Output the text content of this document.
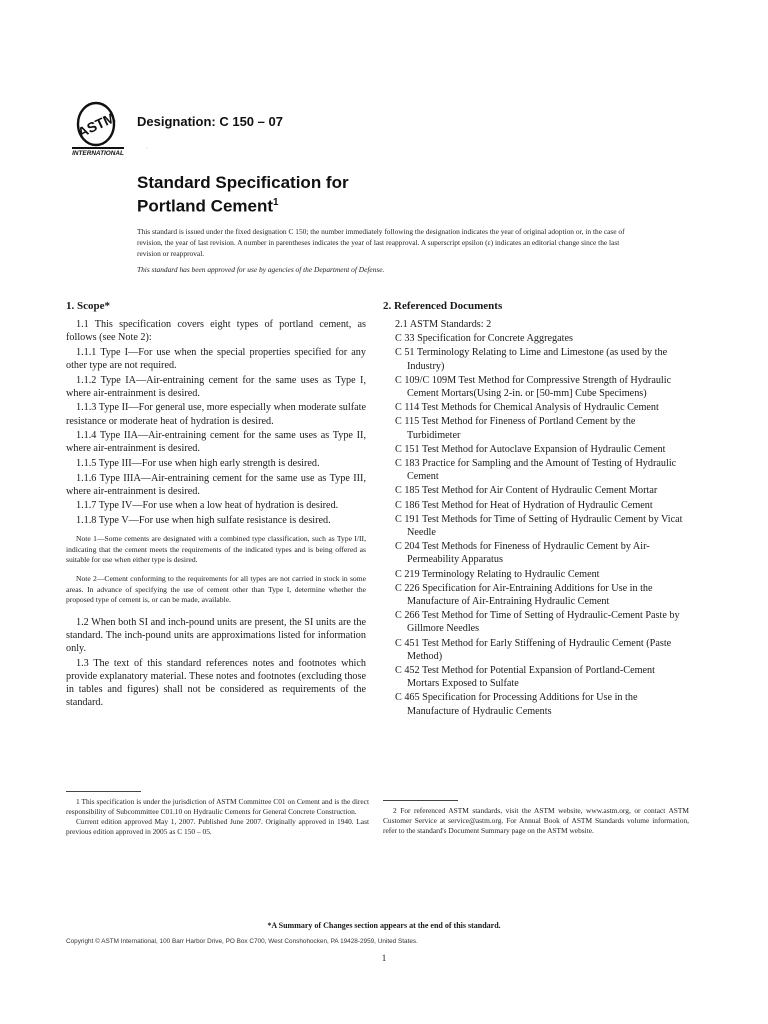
ASTM
INTERNATIONAL
·
Designation: C 150 – 07
Standard Specification for
Portland Cement$^1$
This standard is issued under the fixed designation C 150; the number immediately following the designation indicates the year of original adoption or, in the case of revision, the year of last revision. A number in parentheses indicates the year of last reapproval. A superscript epsilon (ε) indicates an editorial change since the last revision or reapproval.
This standard has been approved for use by agencies of the Department of Defense.
1. Scope*

1.1 This specification covers eight types of portland cement, as follows (see Note 2):

1.1.1 Type I—For use when the special properties specified for any other type are not required.

1.1.2 Type IA—Air-entraining cement for the same uses as Type I, where air-entrainment is desired.

1.1.3 Type II—For general use, more especially when moderate sulfate resistance or moderate heat of hydration is desired.

1.1.4 Type IIA—Air-entraining cement for the same uses as Type II, where air-entrainment is desired.

1.1.5 Type III—For use when high early strength is desired.

1.1.6 Type IIIA—Air-entraining cement for the same use as Type III, where air-entrainment is desired.

1.1.7 Type IV—For use when a low heat of hydration is desired.

1.1.8 Type V—For use when high sulfate resistance is desired.

Note 1—Some cements are designated with a combined type classification, such as Type I/II, indicating that the cement meets the requirements of the indicated types and is being offered as suitable for use when either type is desired.

Note 2—Cement conforming to the requirements for all types are not carried in stock in some areas. In advance of specifying the use of cement other than Type I, determine whether the proposed type of cement is, or can be made, available.

1.2 When both SI and inch-pound units are present, the SI units are the standard. The inch-pound units are approximations listed for information only.

1.3 The text of this standard references notes and footnotes which provide explanatory material. These notes and footnotes (excluding those in tables and figures) shall not be considered as requirements of the standard.

2. Referenced Documents

2.1 ASTM Standards: 2

C 33 Specification for Concrete Aggregates

C 51 Terminology Relating to Lime and Limestone (as used by the Industry)

C 109/C 109M Test Method for Compressive Strength of Hydraulic Cement Mortars(Using 2-in. or [50-mm] Cube Specimens)

C 114 Test Methods for Chemical Analysis of Hydraulic Cement

C 115 Test Method for Fineness of Portland Cement by the Turbidimeter

C 151 Test Method for Autoclave Expansion of Hydraulic Cement

C 183 Practice for Sampling and the Amount of Testing of Hydraulic Cement

C 185 Test Method for Air Content of Hydraulic Cement Mortar

C 186 Test Method for Heat of Hydration of Hydraulic Cement

C 191 Test Methods for Time of Setting of Hydraulic Cement by Vicat Needle

C 204 Test Methods for Fineness of Hydraulic Cement by Air-Permeability Apparatus

C 219 Terminology Relating to Hydraulic Cement

C 226 Specification for Air-Entraining Additions for Use in the Manufacture of Air-Entraining Hydraulic Cement

C 266 Test Method for Time of Setting of Hydraulic-Cement Paste by Gillmore Needles

C 451 Test Method for Early Stiffening of Hydraulic Cement (Paste Method)

C 452 Test Method for Potential Expansion of Portland-Cement Mortars Exposed to Sulfate

C 465 Specification for Processing Additions for Use in the Manufacture of Hydraulic Cements

1 This specification is under the jurisdiction of ASTM Committee C01 on Cement and is the direct responsibility of Subcommittee C01.10 on Hydraulic Cements for General Concrete Construction.

Current edition approved May 1, 2007. Published June 2007. Originally approved in 1940. Last previous edition approved in 2005 as C 150 – 05.

2 For referenced ASTM standards, visit the ASTM website, www.astm.org, or contact ASTM Customer Service at service@astm.org. For Annual Book of ASTM Standards volume information, refer to the standard's Document Summary page on the ASTM website.

*A Summary of Changes section appears at the end of this standard.
Copyright © ASTM International, 100 Barr Harbor Drive, PO Box C700, West Conshohocken, PA 19428-2959, United States.
1
